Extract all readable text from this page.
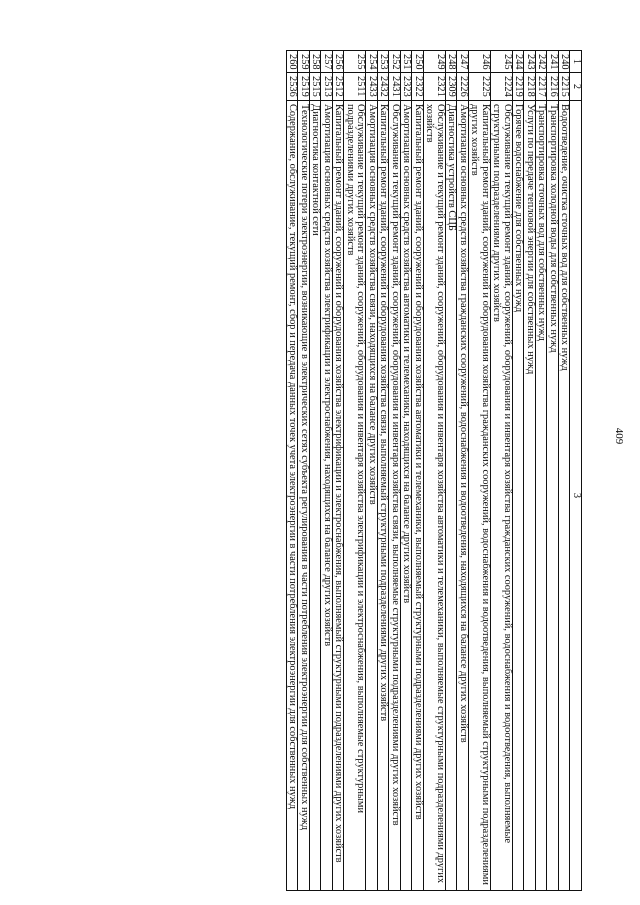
409
1	2	3
240	2215	Водоотведение, очистка сточных вод для собственных нужд
241	2216	Транспортировка холодной воды для собственных нужд
242	2217	Транспортировка сточных вод для собственных нужд
243	2218	Услуги по передаче тепловой энергии для собственных нужд
244	2219	Горячее водоснабжение для собственных нужд
245	2224	Обслуживание и текущий ремонт зданий, сооружений, оборудования и инвентаря хозяйства гражданских сооружений, водоснабжения и водоотведения, выполняемые структурными подразделениями других хозяйств
246	2225	Капитальный ремонт зданий, сооружений и оборудования хозяйства гражданских сооружений, водоснабжения и водоотведения, выполняемый структурными подразделениями других хозяйств
247	2226	Амортизация основных средств хозяйства гражданских сооружений, водоснабжения и водоотведения, находящихся на балансе других хозяйств
248	2309	Диагностика устройств СЦБ
249	2321	Обслуживание и текущий ремонт зданий, сооружений, оборудования и инвентаря хозяйства автоматики и телемеханики, выполняемые структурными подразделениями других хозяйств
250	2322	Капитальный ремонт зданий, сооружений и оборудования хозяйства автоматики и телемеханики, выполняемый структурными подразделениями других хозяйств
251	2323	Амортизация основных средств хозяйства автоматики и телемеханики, находящихся на балансе других хозяйств
252	2431	Обслуживание и текущий ремонт зданий, сооружений, оборудования и инвентаря хозяйства связи, выполняемые структурными подразделениями других хозяйств
253	2432	Капитальный ремонт зданий, сооружений и оборудования хозяйства связи, выполняемый структурными подразделениями других хозяйств
254	2433	Амортизация основных средств хозяйства связи, находящихся на балансе других хозяйств
255	2511	Обслуживание и текущий ремонт зданий, сооружений, оборудования и инвентаря хозяйства электрификации и электроснабжения, выполняемые структурными подразделениями других хозяйств
256	2512	Капитальный ремонт зданий, сооружений и оборудования хозяйства электрификации и электроснабжения, выполняемый структурными подразделениями других хозяйств
257	2513	Амортизация основных средств хозяйства электрификации и электроснабжения, находящихся на балансе других хозяйств
258	2515	Диагностика контактной сети
259	2519	Технологические потери электроэнергии, возникающие в электрических сетях субъекта регулирования в части потребления электроэнергии для собственных нужд
260	2536	Содержание, обслуживание, текущий ремонт, сбор и передача данных точек учета электроэнергии в части потребления электроэнергии для собственных нужд
